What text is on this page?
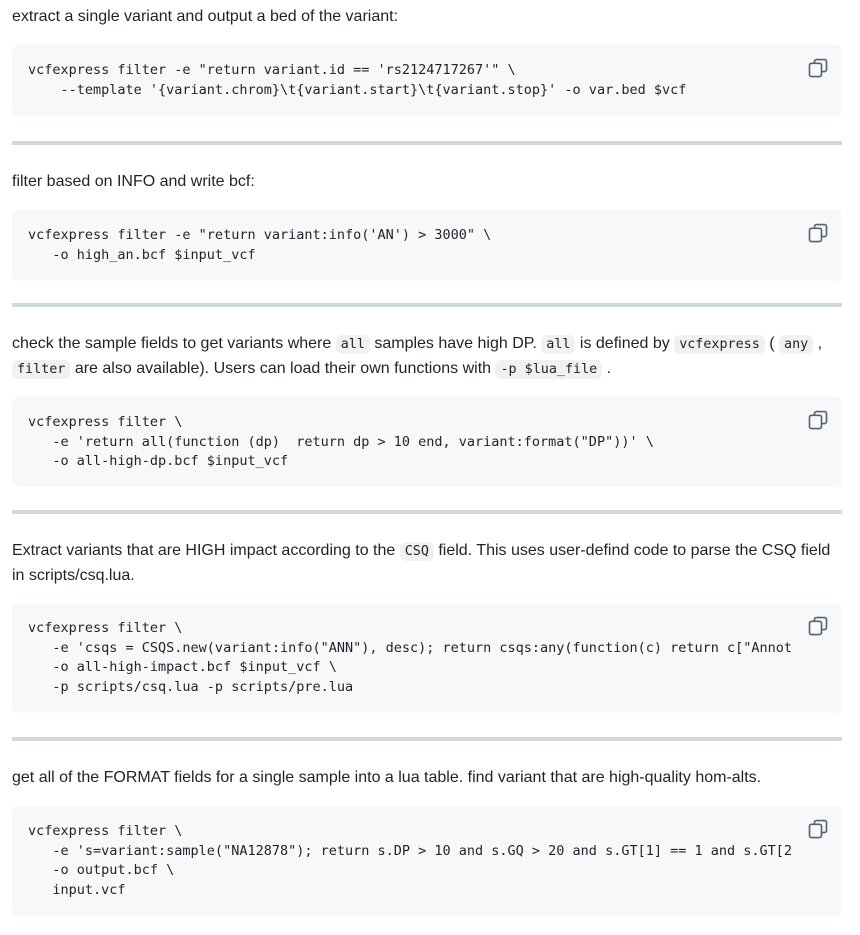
extract a single variant and output a bed of the variant:
vcfexpress filter -e "return variant.id == 'rs2124717267'" \
--template '{variant.chrom}\t{variant.start}\t{variant.stop}' -o var.bed $vcf
filter based on INFO and write bcf:
vcfexpress filter -e "return variant:info('AN') > 3000" \
-o high_an.bcf $input_vcf
check the sample fields to get variants where all samples have high DP. all is defined by vcfexpress ( any , filter are also available). Users can load their own functions with -p $lua_file .
vcfexpress filter \
-e 'return all(function (dp)  return dp > 10 end, variant:format("DP"))' \
-o all-high-dp.bcf $input_vcf
Extract variants that are HIGH impact according to the CSQ field. This uses user-defind code to parse the CSQ field in scripts/csq.lua.
vcfexpress filter \
-e 'csqs = CSQS.new(variant:info("ANN"), desc); return csqs:any(function(c) return c["Annot
-o all-high-impact.bcf $input_vcf \
-p scripts/csq.lua -p scripts/pre.lua
get all of the FORMAT fields for a single sample into a lua table. find variant that are high-quality hom-alts.
vcfexpress filter \
-e 's=variant:sample("NA12878"); return s.DP > 10 and s.GQ > 20 and s.GT[1] == 1 and s.GT[2
-o output.bcf \
input.vcf
